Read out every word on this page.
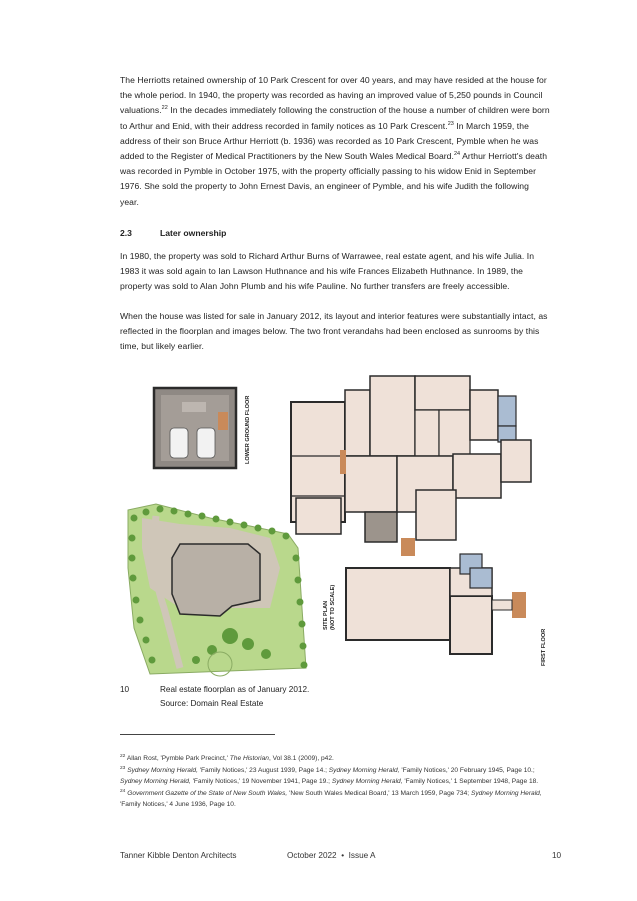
The Herriotts retained ownership of 10 Park Crescent for over 40 years, and may have resided at the house for the whole period. In 1940, the property was recorded as having an improved value of 5,250 pounds in Council valuations.$^{22}$ In the decades immediately following the construction of the house a number of children were born to Arthur and Enid, with their address recorded in family notices as 10 Park Crescent.$^{23}$ In March 1959, the address of their son Bruce Arthur Herriott (b. 1936) was recorded as 10 Park Crescent, Pymble when he was added to the Register of Medical Practitioners by the New South Wales Medical Board.$^{24}$ Arthur Herriott's death was recorded in Pymble in October 1975, with the property officially passing to his widow Enid in September 1976. She sold the property to John Ernest Davis, an engineer of Pymble, and his wife Judith the following year.

2.3	Later ownership

In 1980, the property was sold to Richard Arthur Burns of Warrawee, real estate agent, and his wife Julia. In 1983 it was sold again to Ian Lawson Huthnance and his wife Frances Elizabeth Huthnance. In 1989, the property was sold to Alan John Plumb and his wife Pauline. No further transfers are freely accessible.

When the house was listed for sale in January 2012, its layout and interior features were substantially intact, as reflected in the floorplan and images below. The two front verandahs had been enclosed as sunrooms by this time, but likely earlier.

LOWER GROUND FLOOR
SITE PLAN(NOT TO SCALE)
FIRST FLOOR
10	Real estate floorplan as of January 2012.
Source: Domain Real Estate
$^{22}$ Allan Rost, 'Pymble Park Precinct,' The Historian, Vol 38.1 (2009), p42.
$^{23}$ Sydney Morning Herald, 'Family Notices,' 23 August 1939, Page 14.; Sydney Morning Herald, 'Family Notices,' 20 February 1945, Page 10.; Sydney Morning Herald, 'Family Notices,' 19 November 1941, Page 19.; Sydney Morning Herald, 'Family Notices,' 1 September 1948, Page 18.
$^{24}$ Government Gazette of the State of New South Wales, 'New South Wales Medical Board,' 13 March 1959, Page 734; Sydney Morning Herald, 'Family Notices,' 4 June 1936, Page 10.
Tanner Kibble Denton Architects	October 2022 • Issue A	10
